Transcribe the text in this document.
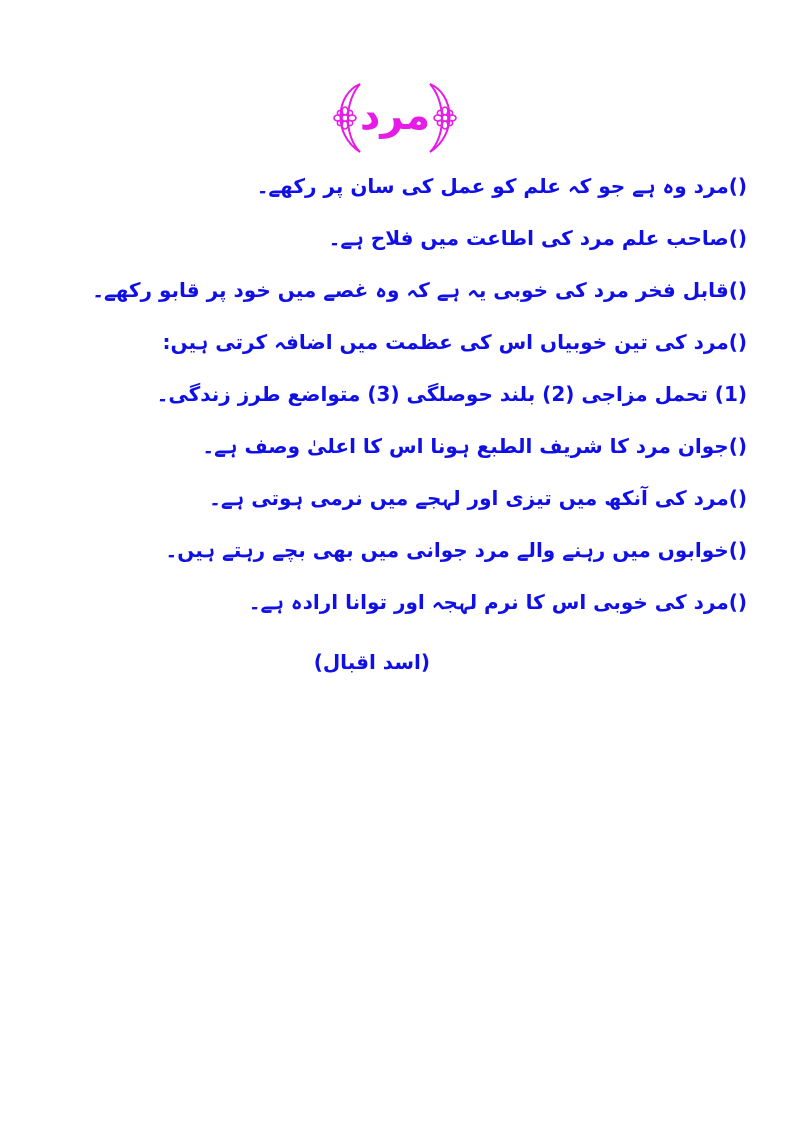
مرد
()مرد وہ ہے جو کہ علم کو عمل کی سان پر رکھے۔
()صاحب علم مرد کی اطاعت میں فلاح ہے۔
()قابل فخر مرد کی خوبی یہ ہے کہ وہ غصے میں خود پر قابو رکھے۔
()مرد کی تین خوبیاں اس کی عظمت میں اضافہ کرتی ہیں:
(1) تحمل مزاجی (2) بلند حوصلگی (3) متواضع طرز زندگی۔
()جوان مرد کا شریف الطبع ہونا اس کا اعلیٰ وصف ہے۔
()مرد کی آنکھ میں تیزی اور لہجے میں نرمی ہوتی ہے۔
()خوابوں میں رہنے والے مرد جوانی میں بھی بچے رہتے ہیں۔
()مرد کی خوبی اس کا نرم لہجہ اور توانا ارادہ ہے۔
(اسد اقبال)
